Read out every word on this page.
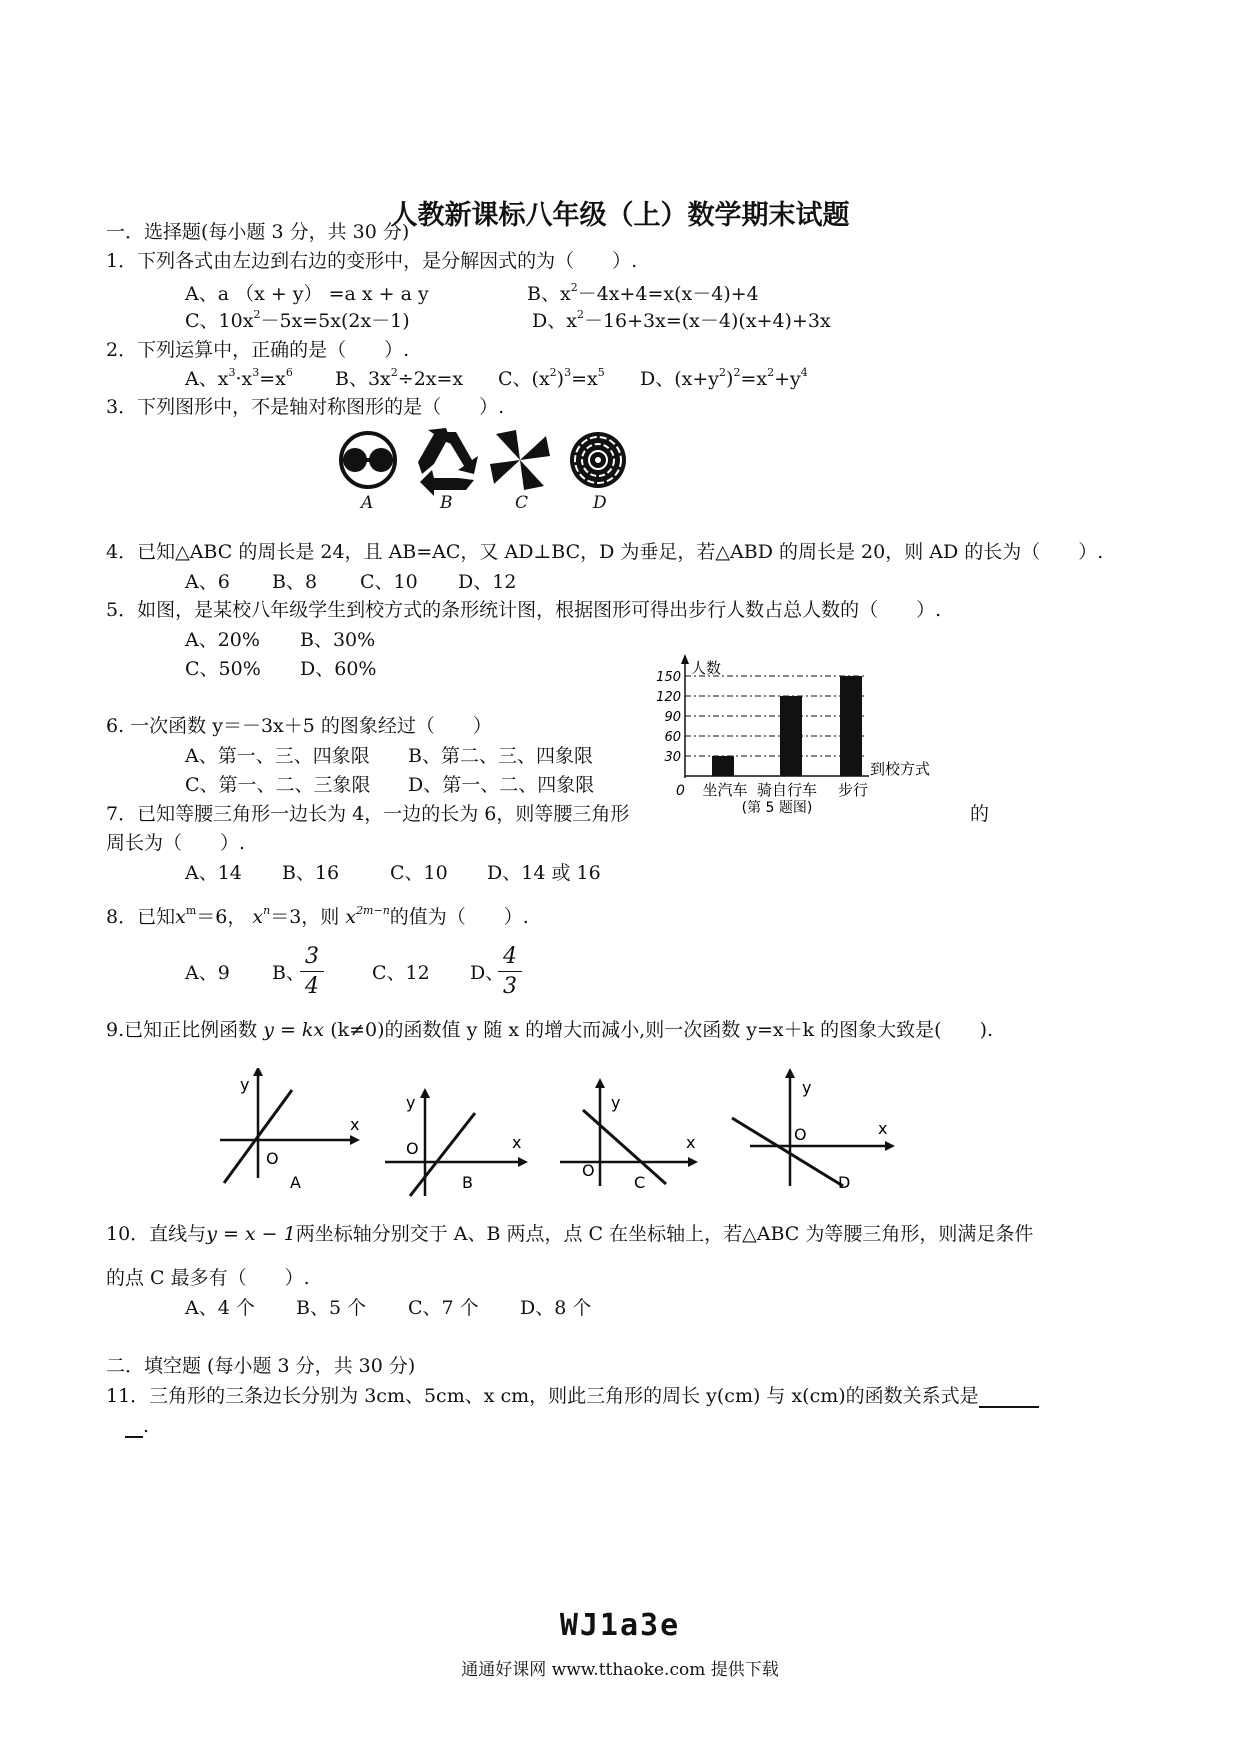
人教新课标八年级（上）数学期末试题
一．选择题(每小题 3 分，共 30 分)
1．下列各式由左边到右边的变形中，是分解因式的为（　　）.
A、a （x + y） =a x + a y	B、$x^2-4x+4=x(x-4)+4$
C、$10x^2-5x=5x(2x-1)$	D、$x^2-16+3x=(x-4)(x+4)+3x$
2．下列运算中，正确的是（　　）.
A、$x^3\cdot x^3=x^6$ B、$3x^2\div 2x=x$ C、$(x^2)^3=x^5$ D、$(x+y^2)^2=x^2+y^4$
3．下列图形中，不是轴对称图形的是（　　）.
A	B	C	D
4．已知△ABC 的周长是 24，且 AB=AC，又 AD⊥BC，D 为垂足，若△ABD 的周长是 20，则 AD 的长为（　　）.
A、6 B、8 C、10 D、12
5．如图，是某校八年级学生到校方式的条形统计图，根据图形可得出步行人数占总人数的（　　）.
A、20% B、30%
C、50% D、60%	人数
到校方式
0
30
60
90
120
150
坐汽车 骑自行车 步行
(第 5 题图)
6. 一次函数 y＝－3x＋5 的图象经过（　　）
A、第一、三、四象限 B、第二、三、四象限
C、第一、二、三象限 D、第一、二、四象限
7．已知等腰三角形一边长为 4，一边的长为 6，则等腰三角形	的
周长为（　　）.
A、14 B、16	C、10 D、14 或 16
8．已知$x^m=6$， $x^n=3$，则 $x^{2m-n}$的值为（　　）.
A、9 B、
3
4
C、12 D、
4
3
9.已知正比例函数 y = kx (k≠0)的函数值 y 随 x 的增大而减小,则一次函数 y=x＋k 的图象大致是(　　).
x
y
O
A
x
y
O
B
x
y
O
C
x
y
O
D
10．直线与y = x − 1两坐标轴分别交于 A、B 两点，点 C 在坐标轴上，若△ABC 为等腰三角形，则满足条件
的点 C 最多有（　　）.
A、4 个 B、5 个 C、7 个 D、8 个
二．填空题 (每小题 3 分，共 30 分)
11．三角形的三条边长分别为 3cm、5cm、x cm，则此三角形的周长 y(cm) 与 x(cm)的函数关系式是
.
WJ1a3e
通通好课网 www.tthaoke.com 提供下载
